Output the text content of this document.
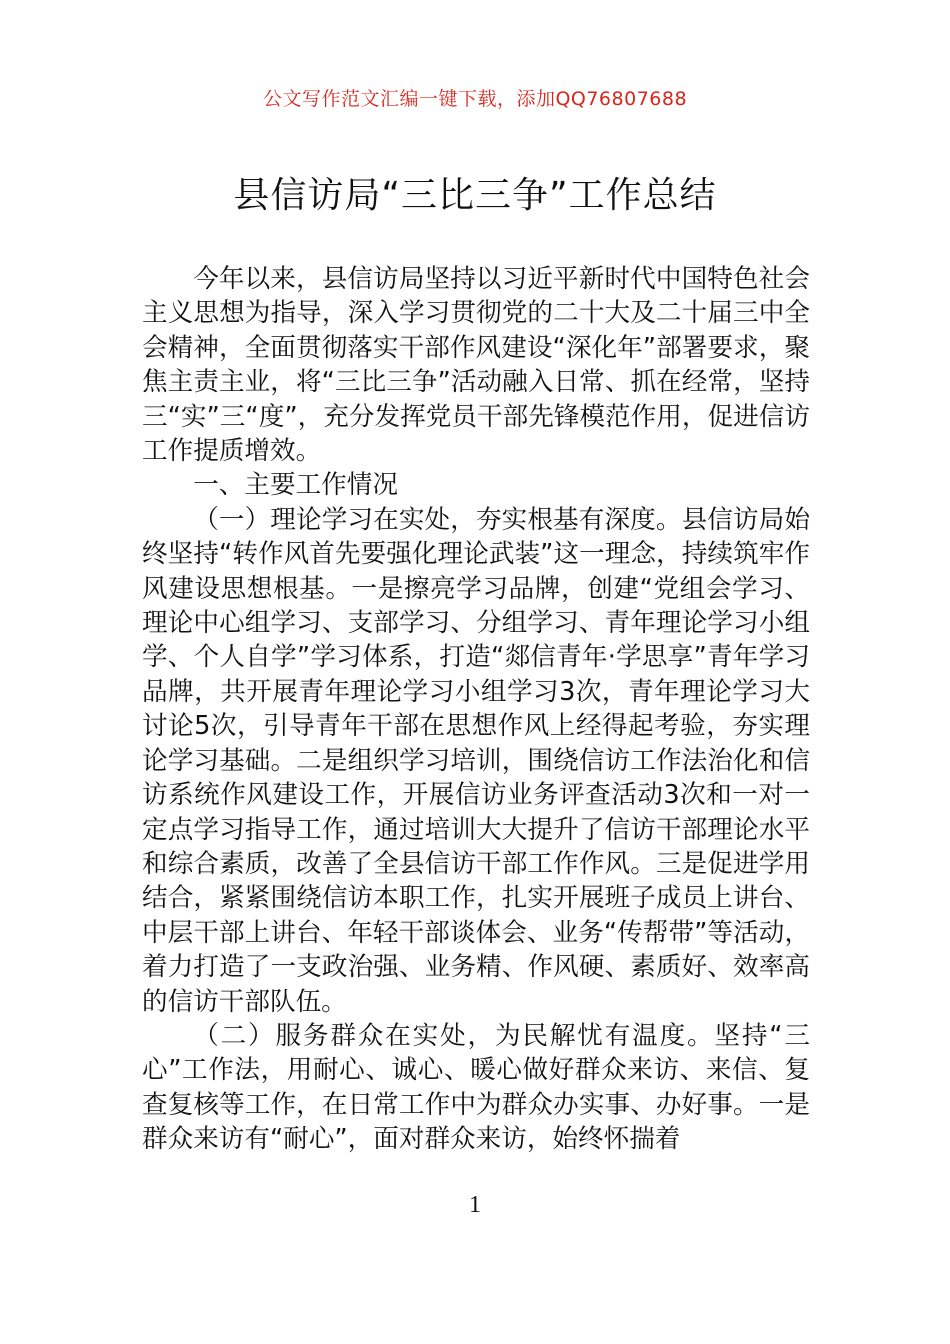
公文写作范文汇编一键下载，添加QQ76807688
县信访局“三比三争”工作总结

今年以来，县信访局坚持以习近平新时代中国特色社会主义思想为指导，深入学习贯彻党的二十大及二十届三中全会精神，全面贯彻落实干部作风建设“深化年”部署要求，聚焦主责主业，将“三比三争”活动融入日常、抓在经常，坚持三“实”三“度”，充分发挥党员干部先锋模范作用，促进信访工作提质增效。

一、主要工作情况

（一）理论学习在实处，夯实根基有深度。县信访局始终坚持“转作风首先要强化理论武装”这一理念，持续筑牢作风建设思想根基。一是擦亮学习品牌，创建“党组会学习、理论中心组学习、支部学习、分组学习、青年理论学习小组学、个人自学”学习体系，打造“郯信青年·学思享”青年学习品牌，共开展青年理论学习小组学习3次，青年理论学习大讨论5次，引导青年干部在思想作风上经得起考验，夯实理论学习基础。二是组织学习培训，围绕信访工作法治化和信访系统作风建设工作，开展信访业务评查活动3次和一对一定点学习指导工作，通过培训大大提升了信访干部理论水平和综合素质，改善了全县信访干部工作作风。三是促进学用结合，紧紧围绕信访本职工作，扎实开展班子成员上讲台、中层干部上讲台、年轻干部谈体会、业务“传帮带”等活动，着力打造了一支政治强、业务精、作风硬、素质好、效率高的信访干部队伍。

（二）服务群众在实处，为民解忧有温度。坚持“三心”工作法，用耐心、诚心、暖心做好群众来访、来信、复查复核等工作，在日常工作中为群众办实事、办好事。一是群众来访有“耐心”，面对群众来访，始终怀揣着

1
